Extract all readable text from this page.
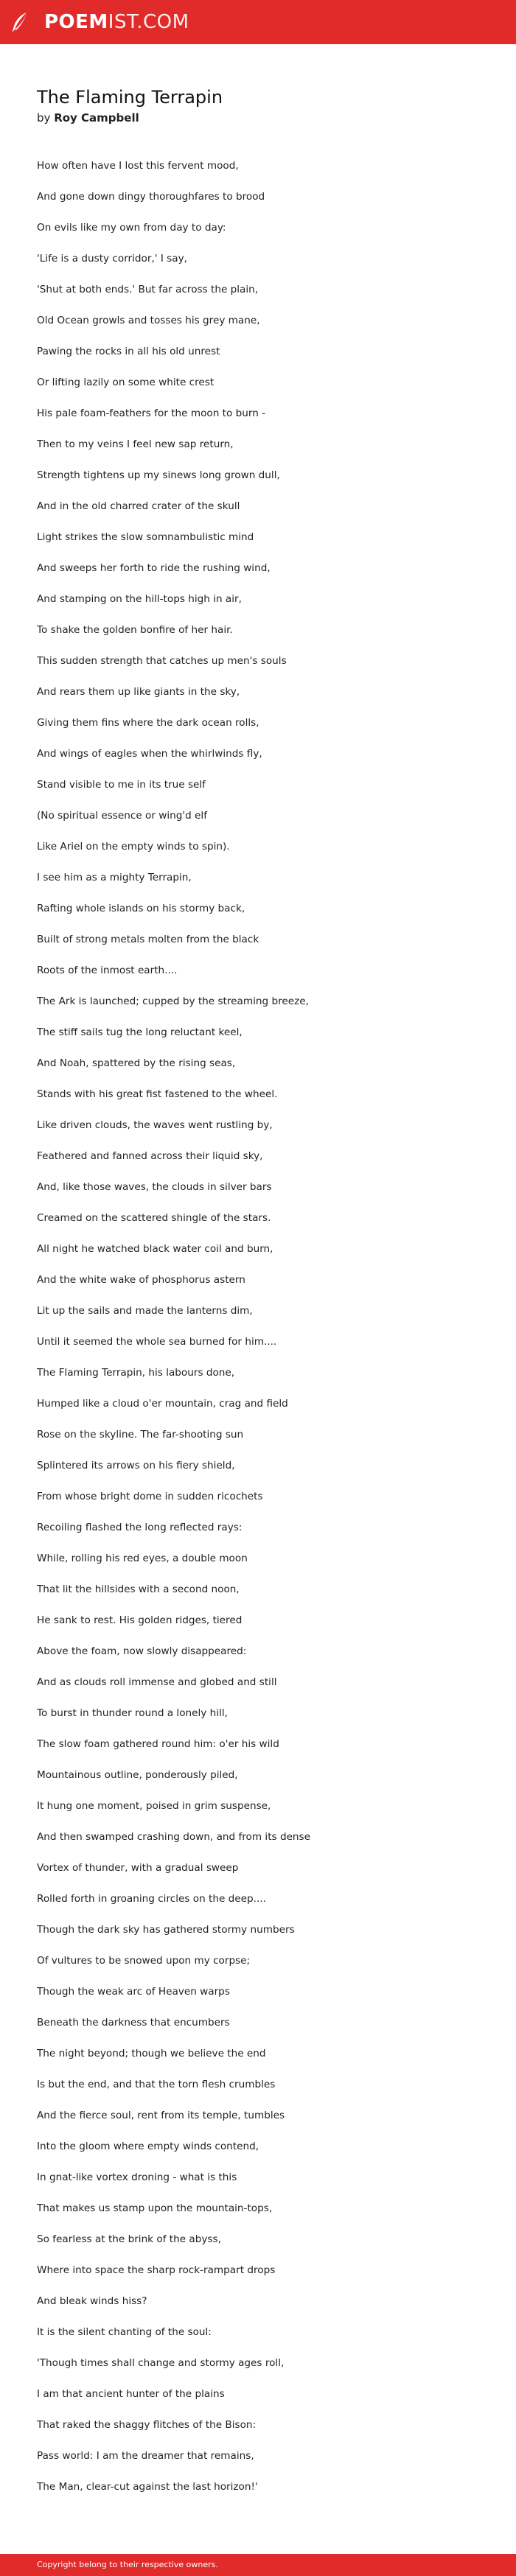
POEMIST.COM
The Flaming Terrapin

by Roy Campbell

How often have I lost this fervent mood,
And gone down dingy thoroughfares to brood
On evils like my own from day to day:
'Life is a dusty corridor,' I say,
'Shut at both ends.' But far across the plain,
Old Ocean growls and tosses his grey mane,
Pawing the rocks in all his old unrest
Or lifting lazily on some white crest
His pale foam-feathers for the moon to burn -
Then to my veins I feel new sap return,
Strength tightens up my sinews long grown dull,
And in the old charred crater of the skull
Light strikes the slow somnambulistic mind
And sweeps her forth to ride the rushing wind,
And stamping on the hill-tops high in air,
To shake the golden bonfire of her hair.
This sudden strength that catches up men's souls
And rears them up like giants in the sky,
Giving them fins where the dark ocean rolls,
And wings of eagles when the whirlwinds fly,
Stand visible to me in its true self
(No spiritual essence or wing'd elf
Like Ariel on the empty winds to spin).
I see him as a mighty Terrapin,
Rafting whole islands on his stormy back,
Built of strong metals molten from the black
Roots of the inmost earth....
The Ark is launched; cupped by the streaming breeze,
The stiff sails tug the long reluctant keel,
And Noah, spattered by the rising seas,
Stands with his great fist fastened to the wheel.
Like driven clouds, the waves went rustling by,
Feathered and fanned across their liquid sky,
And, like those waves, the clouds in silver bars
Creamed on the scattered shingle of the stars.
All night he watched black water coil and burn,
And the white wake of phosphorus astern
Lit up the sails and made the lanterns dim,
Until it seemed the whole sea burned for him....
The Flaming Terrapin, his labours done,
Humped like a cloud o'er mountain, crag and field
Rose on the skyline. The far-shooting sun
Splintered its arrows on his fiery shield,
From whose bright dome in sudden ricochets
Recoiling flashed the long reflected rays:
While, rolling his red eyes, a double moon
That lit the hillsides with a second noon,
He sank to rest. His golden ridges, tiered
Above the foam, now slowly disappeared:
And as clouds roll immense and globed and still
To burst in thunder round a lonely hill,
The slow foam gathered round him: o'er his wild
Mountainous outline, ponderously piled,
It hung one moment, poised in grim suspense,
And then swamped crashing down, and from its dense
Vortex of thunder, with a gradual sweep
Rolled forth in groaning circles on the deep....
Though the dark sky has gathered stormy numbers
Of vultures to be snowed upon my corpse;
Though the weak arc of Heaven warps
Beneath the darkness that encumbers
The night beyond; though we believe the end
Is but the end, and that the torn flesh crumbles
And the fierce soul, rent from its temple, tumbles
Into the gloom where empty winds contend,
In gnat-like vortex droning - what is this
That makes us stamp upon the mountain-tops,
So fearless at the brink of the abyss,
Where into space the sharp rock-rampart drops
And bleak winds hiss?
It is the silent chanting of the soul:
'Though times shall change and stormy ages roll,
I am that ancient hunter of the plains
That raked the shaggy flitches of the Bison:
Pass world: I am the dreamer that remains,
The Man, clear-cut against the last horizon!'
Copyright belong to their respective owners.
